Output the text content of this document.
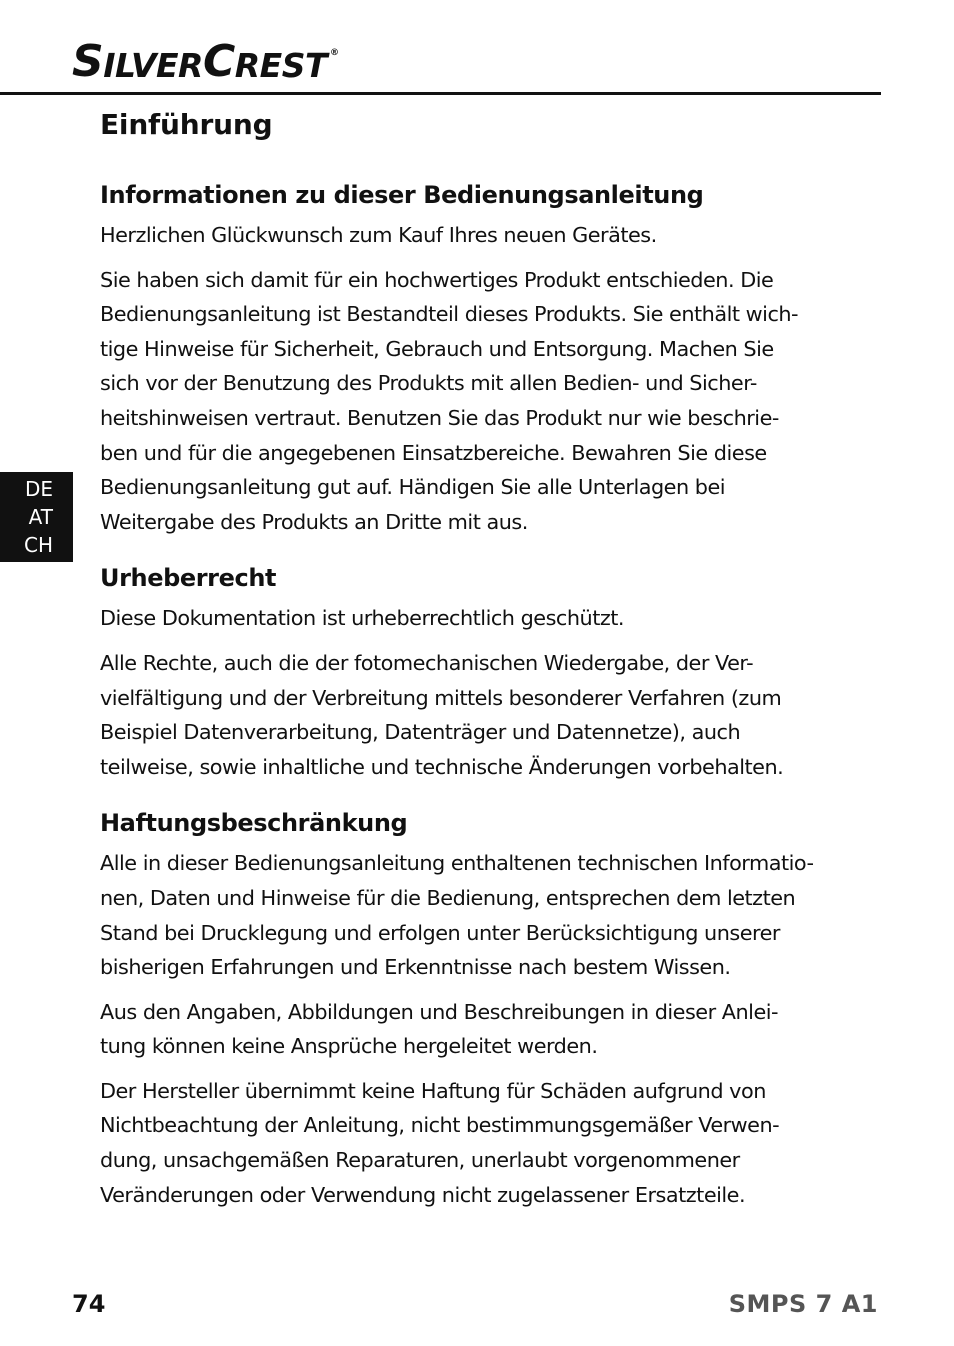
S ILVER C REST ®
DE
AT
CH
Einführung
Informationen zu dieser Bedienungsanleitung

Herzlichen Glückwunsch zum Kauf Ihres neuen Gerätes.

Sie haben sich damit für ein hochwertiges Produkt entschieden. Die
Bedienungsanleitung ist Bestandteil dieses Produkts. Sie enthält wich-
tige Hinweise für Sicherheit, Gebrauch und Entsorgung. Machen Sie
sich vor der Benutzung des Produkts mit allen Bedien- und Sicher-
heitshinweisen vertraut. Benutzen Sie das Produkt nur wie beschrie-
ben und für die angegebenen Einsatzbereiche. Bewahren Sie diese
Bedienungsanleitung gut auf. Händigen Sie alle Unterlagen bei
Weitergabe des Produkts an Dritte mit aus.

Urheberrecht

Diese Dokumentation ist urheberrechtlich geschützt.

Alle Rechte, auch die der fotomechanischen Wiedergabe, der Ver-
vielfältigung und der Verbreitung mittels besonderer Verfahren (zum
Beispiel Datenverarbeitung, Datenträger und Datennetze), auch
teilweise, sowie inhaltliche und technische Änderungen vorbehalten.

Haftungsbeschränkung

Alle in dieser Bedienungsanleitung enthaltenen technischen Informatio-
nen, Daten und Hinweise für die Bedienung, entsprechen dem letzten
Stand bei Drucklegung und erfolgen unter Berücksichtigung unserer
bisherigen Erfahrungen und Erkenntnisse nach bestem Wissen.

Aus den Angaben, Abbildungen und Beschreibungen in dieser Anlei-
tung können keine Ansprüche hergeleitet werden.

Der Hersteller übernimmt keine Haftung für Schäden aufgrund von
Nichtbeachtung der Anleitung, nicht bestimmungsgemäßer Verwen-
dung, unsachgemäßen Reparaturen, unerlaubt vorgenommener
Veränderungen oder Verwendung nicht zugelassener Ersatzteile.

74	SMPS 7 A1
